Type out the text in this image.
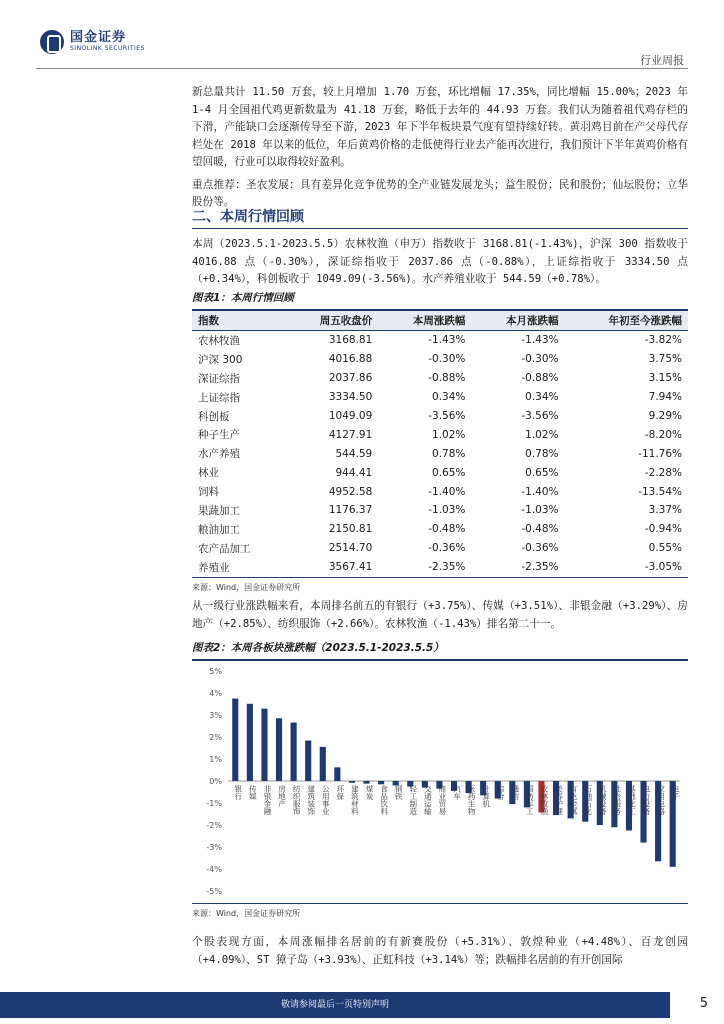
国金证券
SINOLINK SECURITIES
行业周报

新总量共计 11.50 万套，较上月增加 1.70 万套，环比增幅 17.35%，同比增幅 15.00%；2023 年 1-4 月全国祖代鸡更新数量为 41.18 万套，略低于去年的 44.93 万套。我们认为随着祖代鸡存栏的下滑，产能缺口会逐渐传导至下游，2023 年下半年板块景气度有望持续好转。黄羽鸡目前在产父母代存栏处在 2018 年以来的低位，年后黄鸡价格的走低使得行业去产能再次进行，我们预计下半年黄鸡价格有望回暖，行业可以取得较好盈利。

重点推荐：圣农发展：具有差异化竞争优势的全产业链发展龙头；益生股份；民和股份；仙坛股份；立华股份等。

二、本周行情回顾

本周（2023.5.1-2023.5.5）农林牧渔（申万）指数收于 3168.81(-1.43%)，沪深 300 指数收于 4016.88 点（-0.30%），深证综指收于 2037.86 点（-0.88%），上证综指收于 3334.50 点（+0.34%），科创板收于 1049.09(-3.56%)。水产养殖业收于 544.59（+0.78%）。

图表1：本周行情回顾
指数	周五收盘价	本周涨跌幅	本月涨跌幅	年初至今涨跌幅
农林牧渔	3168.81	-1.43%	-1.43%	-3.82%
沪深 300	4016.88	-0.30%	-0.30%	3.75%
深证综指	2037.86	-0.88%	-0.88%	3.15%
上证综指	3334.50	0.34%	0.34%	7.94%
科创板	1049.09	-3.56%	-3.56%	9.29%
种子生产	4127.91	1.02%	1.02%	-8.20%
水产养殖	544.59	0.78%	0.78%	-11.76%
林业	944.41	0.65%	0.65%	-2.28%
饲料	4952.58	-1.40%	-1.40%	-13.54%
果蔬加工	1176.37	-1.03%	-1.03%	3.37%
粮油加工	2150.81	-0.48%	-0.48%	-0.94%
农产品加工	2514.70	-0.36%	-0.36%	0.55%
养殖业	3567.41	-2.35%	-2.35%	-3.05%
来源：Wind，国金证券研究所

从一级行业涨跌幅来看，本周排名前五的有银行（+3.75%）、传媒（+3.51%）、非银金融（+3.29%）、房地产（+2.85%）、纺织服饰（+2.66%）。农林牧渔（-1.43%）排名第二十一。

图表2：本周各板块涨跌幅（2023.5.1-2023.5.5）
5%
4%
3%
2%
1%
0%
-1%
-2%
-3%
-4%
-5%
银行 传媒 非银金融 房地产 纺织服饰 建筑装饰 公用事业 环保 建筑材料 煤炭 食品饮料 钢铁 轻工制造 交通运输 商业贸易 汽车 医药生物 计算机 综合 通信 国防军工 农林牧渔 美容护理 有色金属 石油石化 机械设备 社会服务 基础化工 电力设备 家用电器 电子
来源：Wind，国金证券研究所

个股表现方面，本周涨幅排名居前的有新赛股份（+5.31%）、敦煌种业（+4.48%）、百龙创园（+4.09%）、ST 獐子岛（+3.93%）、正虹科技（+3.14%）等；跌幅排名居前的有开创国际

敬请参阅最后一页特别声明	5
